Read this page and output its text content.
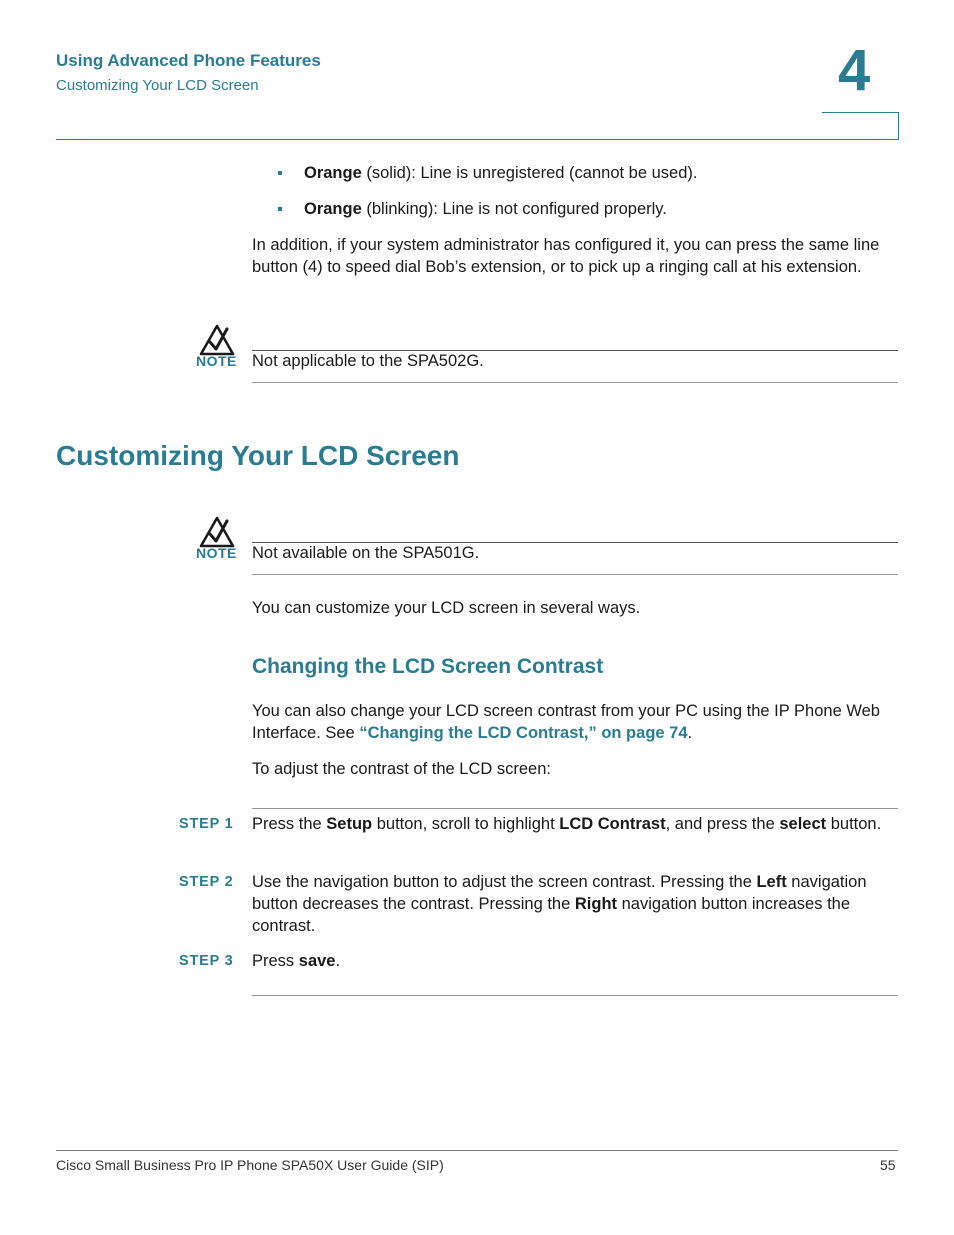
Using Advanced Phone Features
Customizing Your LCD Screen	4
Orange (solid): Line is unregistered (cannot be used).
Orange (blinking): Line is not configured properly.
In addition, if your system administrator has configured it, you can press the same line button (4) to speed dial Bob’s extension, or to pick up a ringing call at his extension.
NOTE Not applicable to the SPA502G.
Customizing Your LCD Screen
NOTE Not available on the SPA501G.
You can customize your LCD screen in several ways.
Changing the LCD Screen Contrast
You can also change your LCD screen contrast from your PC using the IP Phone Web Interface. See “Changing the LCD Contrast,” on page 74.
To adjust the contrast of the LCD screen:
STEP 1 Press the Setup button, scroll to highlight LCD Contrast, and press the select button.
STEP 2 Use the navigation button to adjust the screen contrast. Pressing the Left navigation button decreases the contrast. Pressing the Right navigation button increases the contrast.
STEP 3 Press save.
Cisco Small Business Pro IP Phone SPA50X User Guide (SIP)	55
